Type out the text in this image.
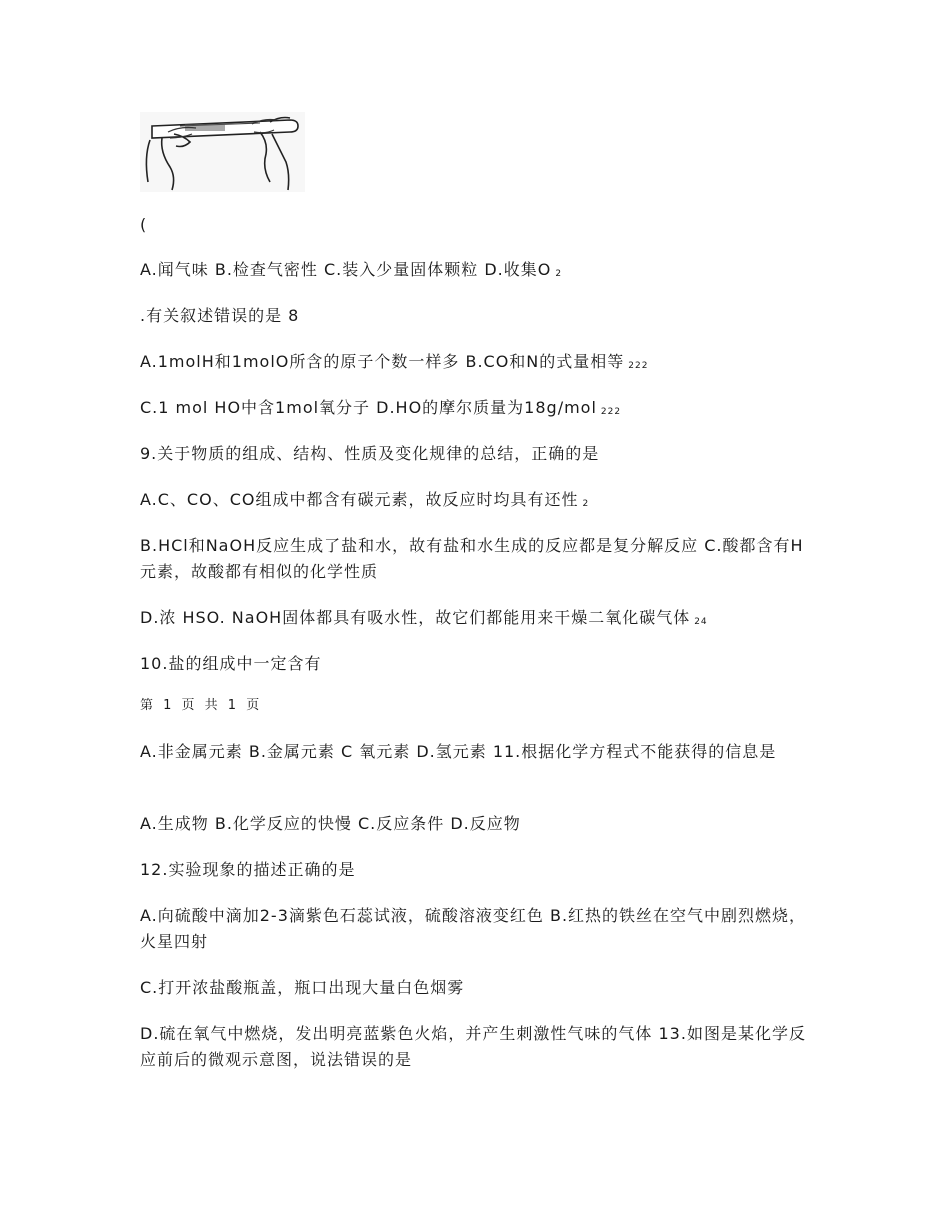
(
A.闻气味 B.检查气密性 C.装入少量固体颗粒 D.收集O 2
.有关叙述错误的是 8
A.1molH和1molO所含的原子个数一样多 B.CO和N的式量相等 222
C.1 mol HO中含1mol氧分子 D.HO的摩尔质量为18g/mol 222
9.关于物质的组成、结构、性质及变化规律的总结，正确的是
A.C、CO、CO组成中都含有碳元素，故反应时均具有还性 2
B.HCl和NaOH反应生成了盐和水，故有盐和水生成的反应都是复分解反应 C.酸都含有H元素，故酸都有相似的化学性质
D.浓 HSO. NaOH固体都具有吸水性，故它们都能用来干燥二氧化碳气体 24
10.盐的组成中一定含有
第 1 页 共 1 页
A.非金属元素 B.金属元素 C 氧元素 D.氢元素 11.根据化学方程式不能获得的信息是
A.生成物 B.化学反应的快慢 C.反应条件 D.反应物
12.实验现象的描述正确的是
A.向硫酸中滴加2-3滴紫色石蕊试液，硫酸溶液变红色 B.红热的铁丝在空气中剧烈燃烧，火星四射
C.打开浓盐酸瓶盖，瓶口出现大量白色烟雾
D.硫在氧气中燃烧，发出明亮蓝紫色火焰，并产生刺激性气味的气体 13.如图是某化学反应前后的微观示意图，说法错误的是
